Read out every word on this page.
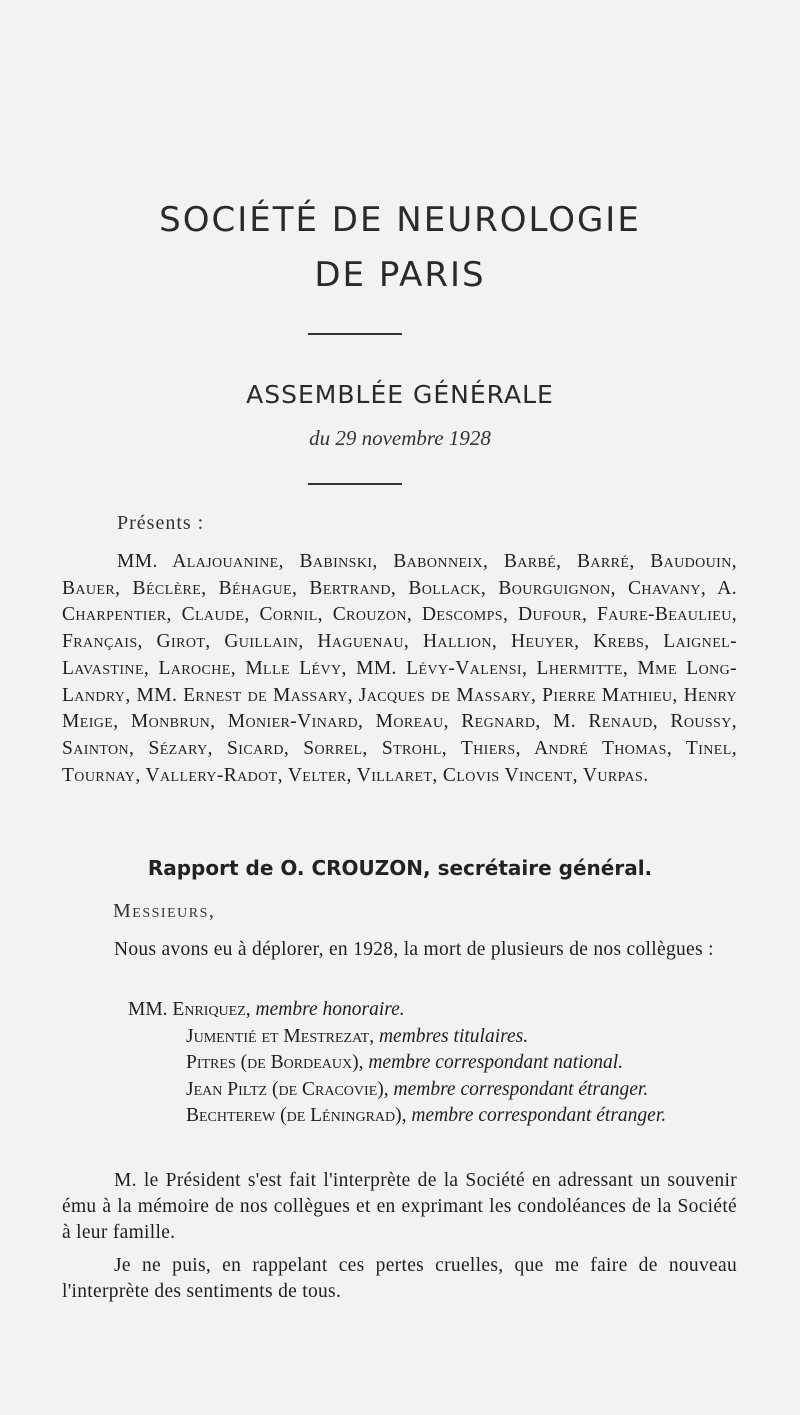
SOCIÉTÉ DE NEUROLOGIE
DE PARIS
ASSEMBLÉE GÉNÉRALE
du 29 novembre 1928
Présents :

MM. Alajouanine, Babinski, Babonneix, Barbé, Barré, Baudouin, Bauer, Béclère, Béhague, Bertrand, Bollack, Bourguignon, Chavany, A. Charpentier, Claude, Cornil, Crouzon, Descomps, Dufour, Faure-Beaulieu, Français, Girot, Guillain, Haguenau, Hallion, Heuyer, Krebs, Laignel-Lavastine, Laroche, Mlle Lévy, MM. Lévy-Valensi, Lhermitte, Mme Long-Landry, MM. Ernest de Massary, Jacques de Massary, Pierre Mathieu, Henry Meige, Monbrun, Monier-Vinard, Moreau, Regnard, M. Renaud, Roussy, Sainton, Sézary, Sicard, Sorrel, Strohl, Thiers, André Thomas, Tinel, Tournay, Vallery-Radot, Velter, Villaret, Clovis Vincent, Vurpas.

Rapport de O. CROUZON, secrétaire général.
Messieurs,

Nous avons eu à déplorer, en 1928, la mort de plusieurs de nos collègues :

MM. Enriquez, membre honoraire.
Jumentié et Mestrezat, membres titulaires.
Pitres (de Bordeaux), membre correspondant national.
Jean Piltz (de Cracovie), membre correspondant étranger.
Bechterew (de Léningrad), membre correspondant étranger.

M. le Président s'est fait l'interprète de la Société en adressant un souvenir ému à la mémoire de nos collègues et en exprimant les condoléances de la Société à leur famille.

Je ne puis, en rappelant ces pertes cruelles, que me faire de nouveau l'interprète des sentiments de tous.
